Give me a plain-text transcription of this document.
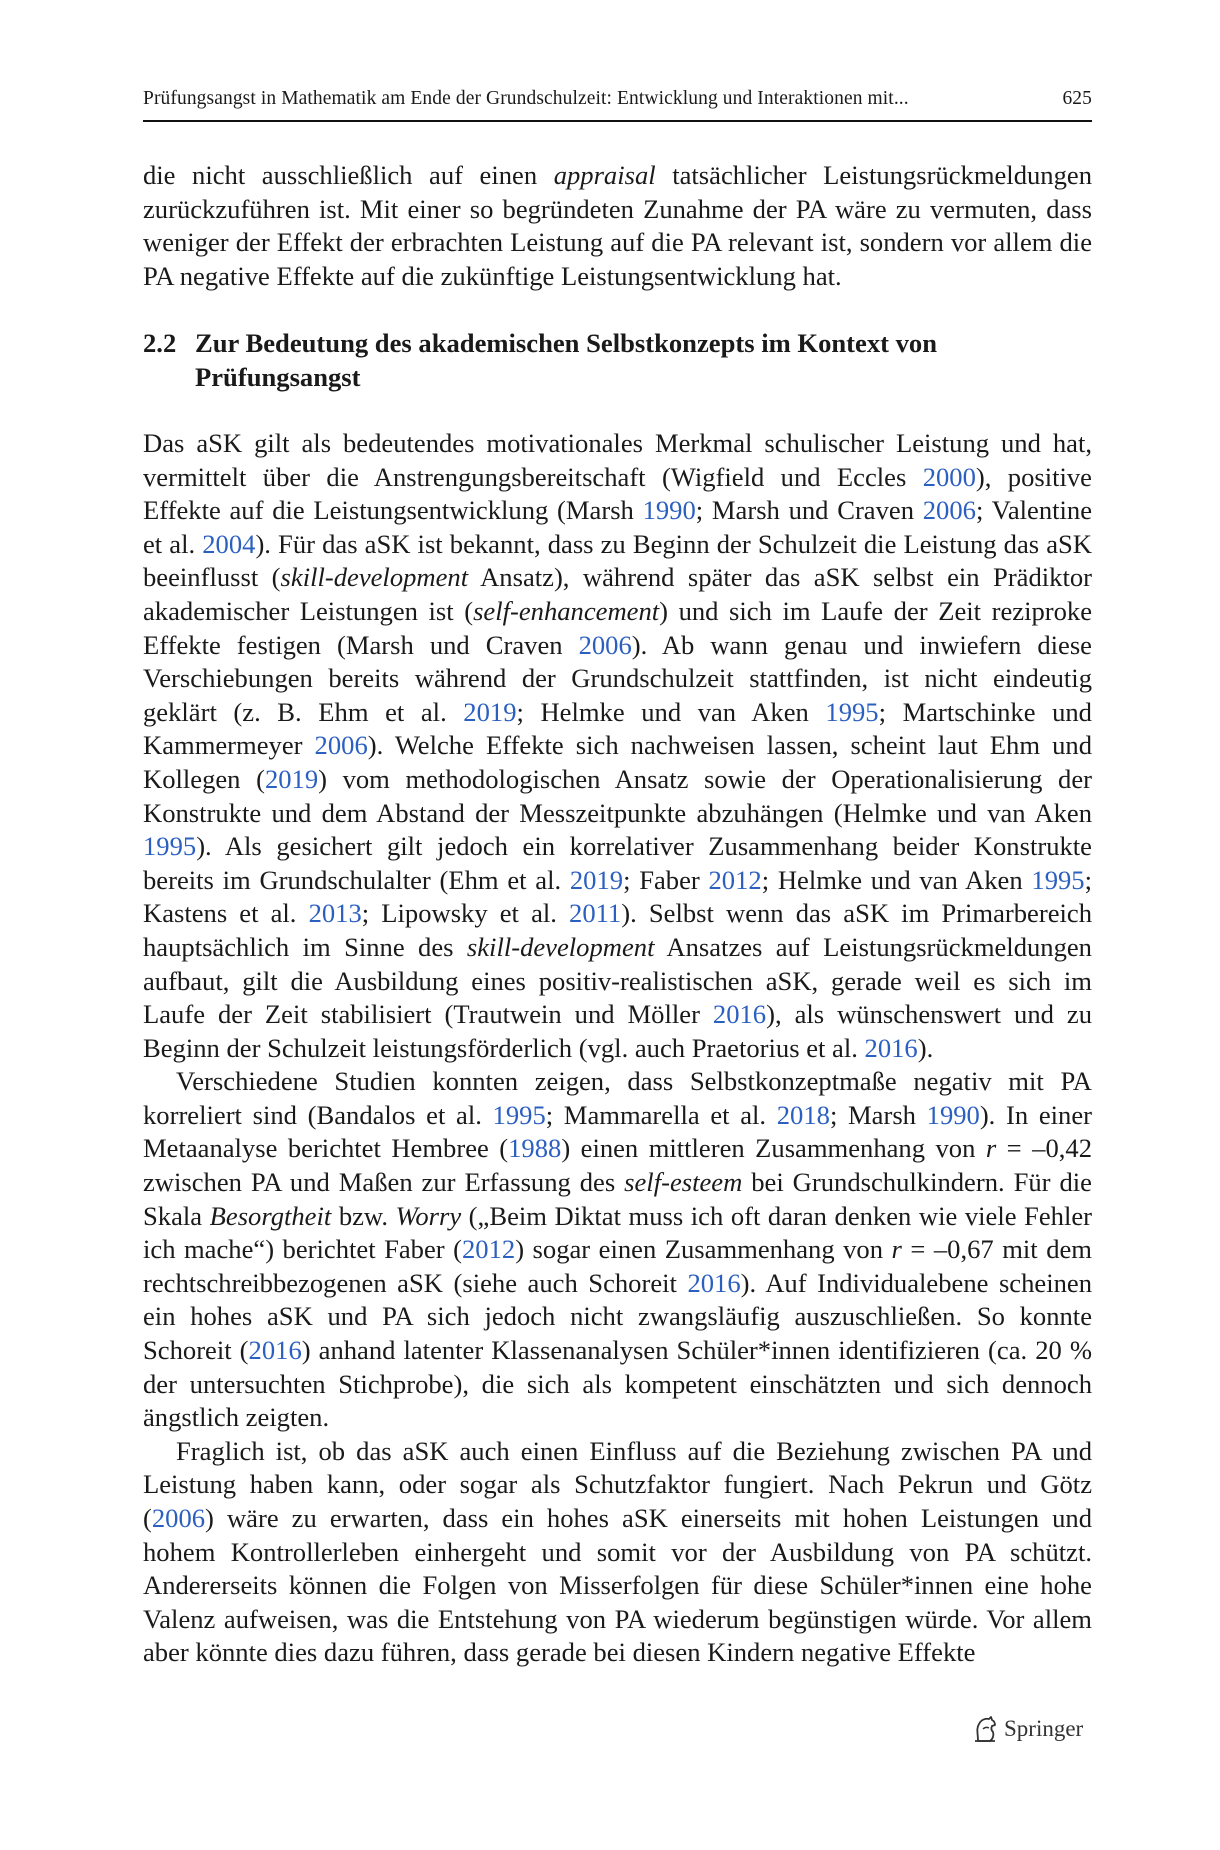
Prüfungsangst in Mathematik am Ende der Grundschulzeit: Entwicklung und Interaktionen mit...	625

die nicht ausschließlich auf einen appraisal tatsächlicher Leistungsrückmeldungen zurückzuführen ist. Mit einer so begründeten Zunahme der PA wäre zu vermuten, dass weniger der Effekt der erbrachten Leistung auf die PA relevant ist, sondern vor allem die PA negative Effekte auf die zukünftige Leistungsentwicklung hat.

2.2 Zur Bedeutung des akademischen Selbstkonzepts im Kontext von Prüfungsangst

Das aSK gilt als bedeutendes motivationales Merkmal schulischer Leistung und hat, vermittelt über die Anstrengungsbereitschaft (Wigfield und Eccles 2000), positive Effekte auf die Leistungsentwicklung (Marsh 1990; Marsh und Craven 2006; Valentine et al. 2004). Für das aSK ist bekannt, dass zu Beginn der Schulzeit die Leistung das aSK beeinflusst (skill-development Ansatz), während später das aSK selbst ein Prädiktor akademischer Leistungen ist (self-enhancement) und sich im Laufe der Zeit reziproke Effekte festigen (Marsh und Craven 2006). Ab wann genau und inwiefern diese Verschiebungen bereits während der Grundschulzeit stattfinden, ist nicht eindeutig geklärt (z. B. Ehm et al. 2019; Helmke und van Aken 1995; Martschinke und Kammermeyer 2006). Welche Effekte sich nachweisen lassen, scheint laut Ehm und Kollegen (2019) vom methodologischen Ansatz sowie der Operationalisierung der Konstrukte und dem Abstand der Messzeitpunkte abzuhängen (Helmke und van Aken 1995). Als gesichert gilt jedoch ein korrelativer Zusammenhang beider Konstrukte bereits im Grundschulalter (Ehm et al. 2019; Faber 2012; Helmke und van Aken 1995; Kastens et al. 2013; Lipowsky et al. 2011). Selbst wenn das aSK im Primarbereich hauptsächlich im Sinne des skill-development Ansatzes auf Leistungsrückmeldungen aufbaut, gilt die Ausbildung eines positiv-realistischen aSK, gerade weil es sich im Laufe der Zeit stabilisiert (Trautwein und Möller 2016), als wünschenswert und zu Beginn der Schulzeit leistungsförderlich (vgl. auch Praetorius et al. 2016).

Verschiedene Studien konnten zeigen, dass Selbstkonzeptmaße negativ mit PA korreliert sind (Bandalos et al. 1995; Mammarella et al. 2018; Marsh 1990). In einer Metaanalyse berichtet Hembree (1988) einen mittleren Zusammenhang von r = –0,42 zwischen PA und Maßen zur Erfassung des self-esteem bei Grundschulkindern. Für die Skala Besorgtheit bzw. Worry („Beim Diktat muss ich oft daran denken wie viele Fehler ich mache“) berichtet Faber (2012) sogar einen Zusammenhang von r = –0,67 mit dem rechtschreibbezogenen aSK (siehe auch Schoreit 2016). Auf Individualebene scheinen ein hohes aSK und PA sich jedoch nicht zwangsläufig auszuschließen. So konnte Schoreit (2016) anhand latenter Klassenanalysen Schüler*innen identifizieren (ca. 20 % der untersuchten Stichprobe), die sich als kompetent einschätzten und sich dennoch ängstlich zeigten.

Fraglich ist, ob das aSK auch einen Einfluss auf die Beziehung zwischen PA und Leistung haben kann, oder sogar als Schutzfaktor fungiert. Nach Pekrun und Götz (2006) wäre zu erwarten, dass ein hohes aSK einerseits mit hohen Leistungen und hohem Kontrollerleben einhergeht und somit vor der Ausbildung von PA schützt. Andererseits können die Folgen von Misserfolgen für diese Schüler*innen eine hohe Valenz aufweisen, was die Entstehung von PA wiederum begünstigen würde. Vor allem aber könnte dies dazu führen, dass gerade bei diesen Kindern negative Effekte

Springer
